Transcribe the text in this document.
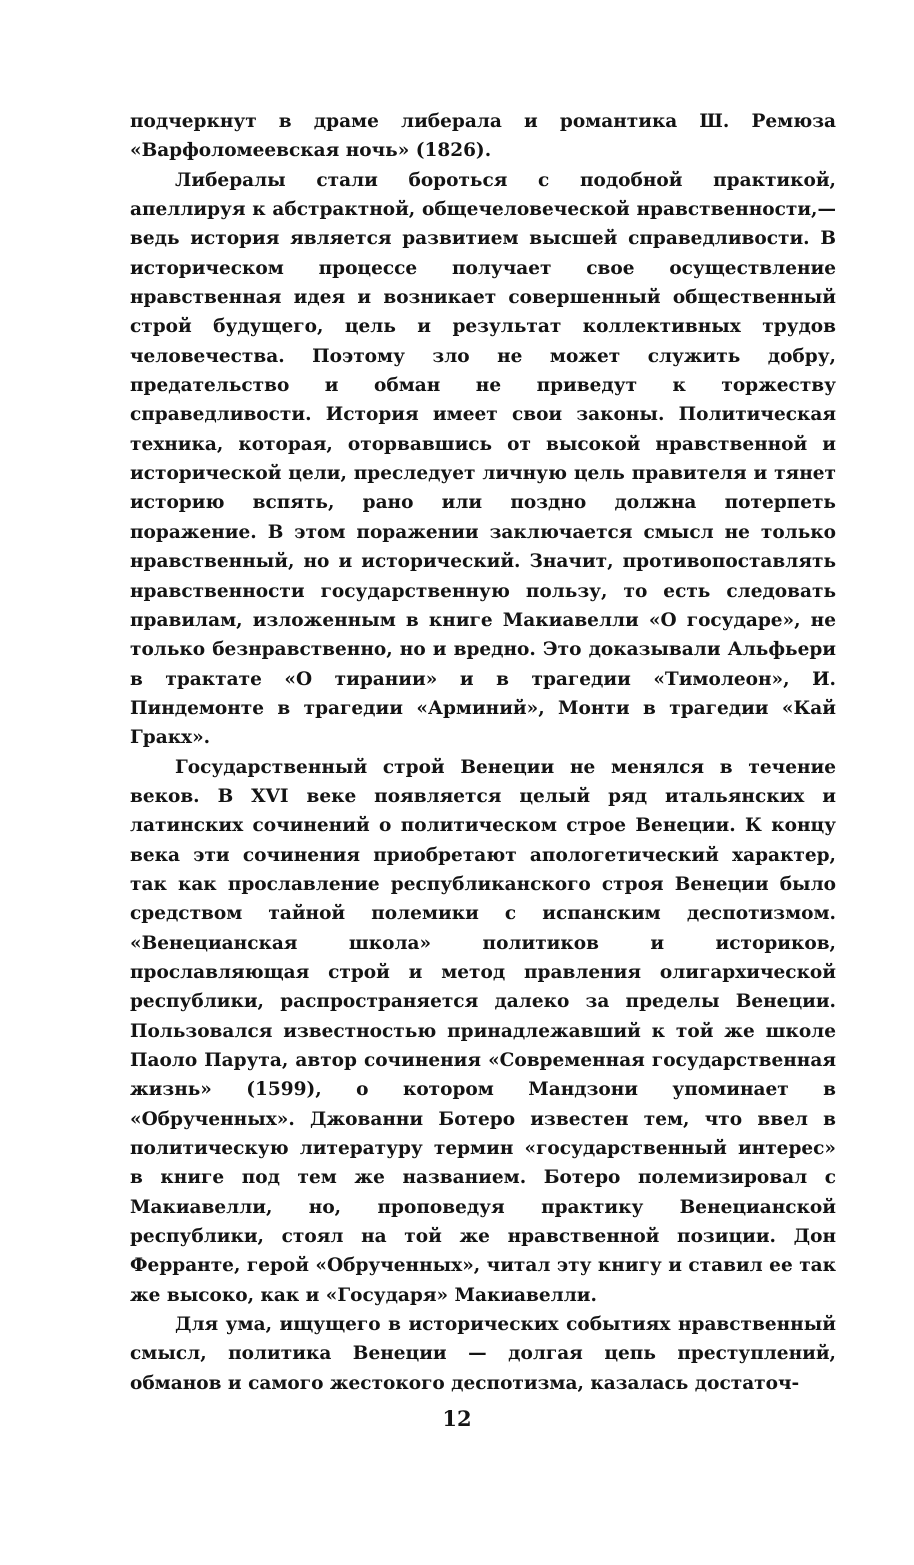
подчеркнут в драме либерала и романтика Ш. Ремюза «Варфоломеевская ночь» (1826).

Либералы стали бороться с подобной практикой, апеллируя к абстрактной, общечеловеческой нравственности,— ведь история является развитием высшей справедливости. В историческом процессе получает свое осуществление нравственная идея и возникает совершенный общественный строй будущего, цель и результат коллективных трудов человечества. Поэтому зло не может служить добру, предательство и обман не приведут к торжеству справедливости. История имеет свои законы. Политическая техника, которая, оторвавшись от высокой нравственной и исторической цели, преследует личную цель правителя и тянет историю вспять, рано или поздно должна потерпеть поражение. В этом поражении заключается смысл не только нравственный, но и исторический. Значит, противопоставлять нравственности государственную пользу, то есть следовать правилам, изложенным в книге Макиавелли «О государе», не только безнравственно, но и вредно. Это доказывали Альфьери в трактате «О тирании» и в трагедии «Тимолеон», И. Пиндемонте в трагедии «Арминий», Монти в трагедии «Кай Гракх».

Государственный строй Венеции не менялся в течение веков. В XVI веке появляется целый ряд итальянских и латинских сочинений о политическом строе Венеции. К концу века эти сочинения приобретают апологетический характер, так как прославление республиканского строя Венеции было средством тайной полемики с испанским деспотизмом. «Венецианская школа» политиков и историков, прославляющая строй и метод правления олигархической республики, распространяется далеко за пределы Венеции. Пользовался известностью принадлежавший к той же школе Паоло Парута, автор сочинения «Современная государственная жизнь» (1599), о котором Мандзони упоминает в «Обрученных». Джованни Ботеро известен тем, что ввел в политическую литературу термин «государственный интерес» в книге под тем же названием. Ботеро полемизировал с Макиавелли, но, проповедуя практику Венецианской республики, стоял на той же нравственной позиции. Дон Ферранте, герой «Обрученных», читал эту книгу и ставил ее так же высоко, как и «Государя» Макиавелли.

Для ума, ищущего в исторических событиях нравственный смысл, политика Венеции — долгая цепь преступлений, обманов и самого жестокого деспотизма, казалась достаточ-

12
